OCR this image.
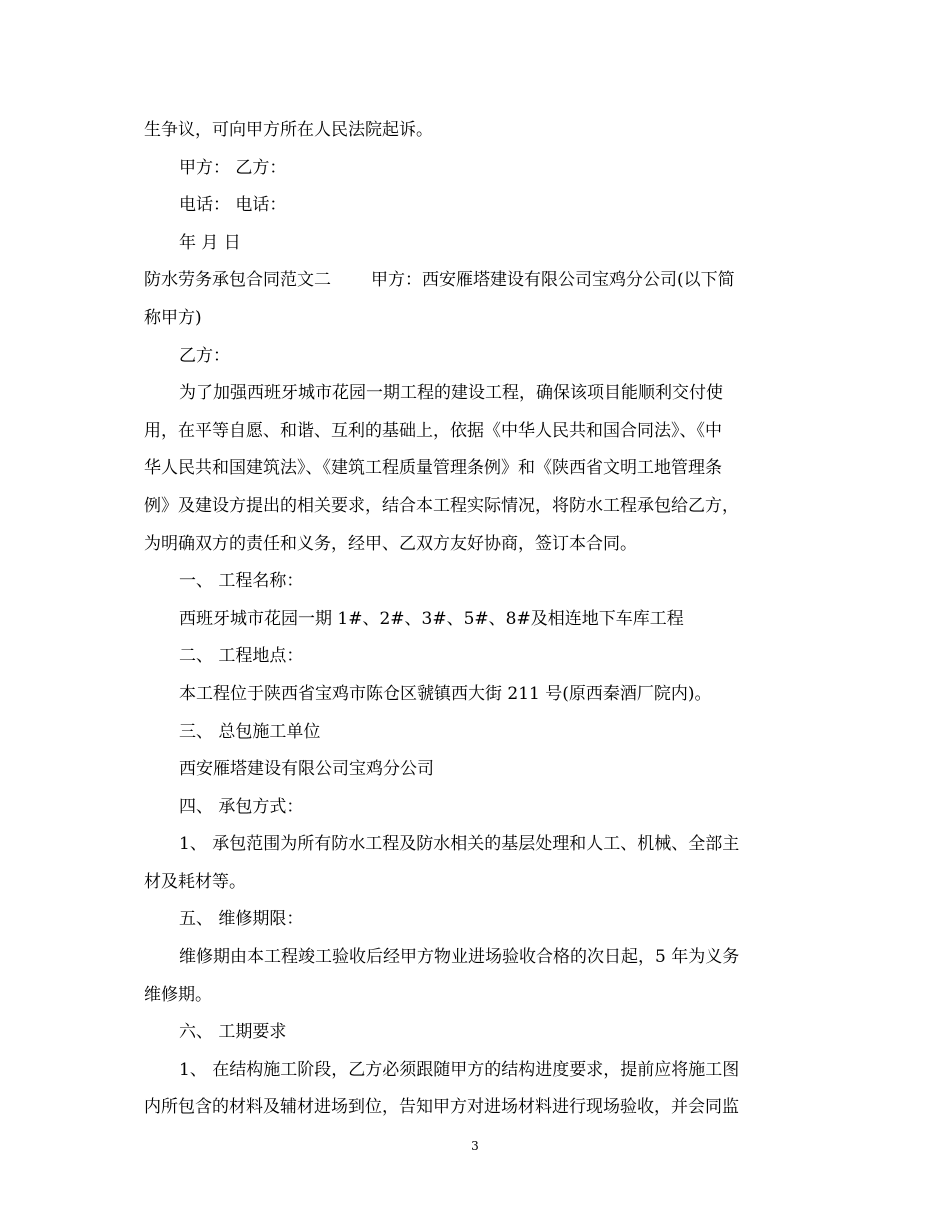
生争议，可向甲方所在人民法院起诉。
甲方： 乙方：
电话： 电话：
年 月 日
防水劳务承包合同范文二 甲方：西安雁塔建设有限公司宝鸡分公司(以下简
称甲方)
乙方：
为了加强西班牙城市花园一期工程的建设工程，确保该项目能顺利交付使
用，在平等自愿、和谐、互利的基础上，依据《中华人民共和国合同法》、《中
华人民共和国建筑法》、《建筑工程质量管理条例》和《陕西省文明工地管理条
例》及建设方提出的相关要求，结合本工程实际情况，将防水工程承包给乙方，
为明确双方的责任和义务，经甲、乙双方友好协商，签订本合同。
一、 工程名称：
西班牙城市花园一期 1#、2#、3#、5#、8#及相连地下车库工程
二、 工程地点：
本工程位于陕西省宝鸡市陈仓区虢镇西大街 211 号(原西秦酒厂院内)。
三、 总包施工单位
西安雁塔建设有限公司宝鸡分公司
四、 承包方式：
1、 承包范围为所有防水工程及防水相关的基层处理和人工、机械、全部主
材及耗材等。
五、 维修期限：
维修期由本工程竣工验收后经甲方物业进场验收合格的次日起，5 年为义务
维修期。
六、 工期要求
1、 在结构施工阶段，乙方必须跟随甲方的结构进度要求，提前应将施工图
内所包含的材料及辅材进场到位，告知甲方对进场材料进行现场验收，并会同监
3
